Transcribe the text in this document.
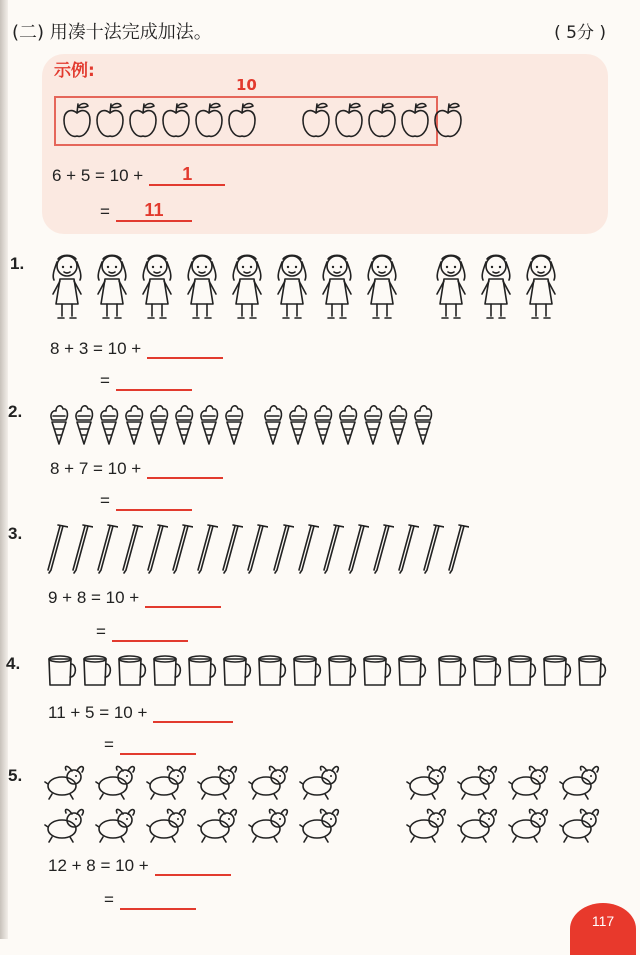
(二) 用凑十法完成加法。	( 5分 )
示例:
10
6 + 5 = 10 +	1
=	11
1.
8 + 3 = 10 +
=
2.
8 + 7 = 10 +
=
3.
9 + 8 = 10 +
=
4.
11 + 5 = 10 +
=
5.
12 + 8 = 10 +
=
117
